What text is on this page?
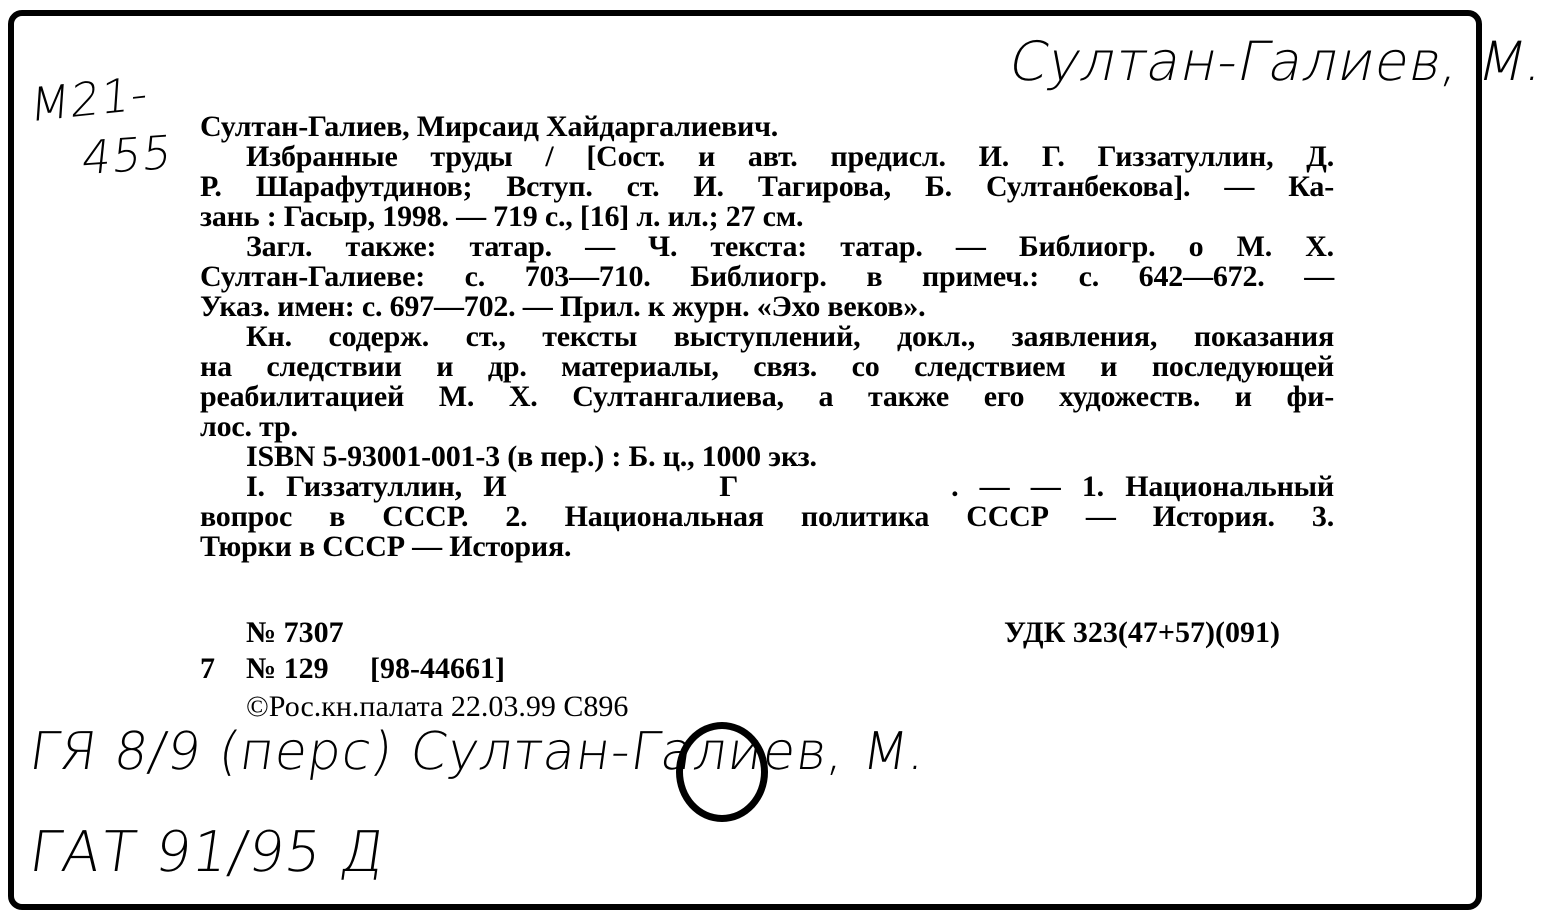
Султан-Галиев, М.
М21-
455
ГЯ 8/9 (перс) Султан-Галиев, М.
ГАТ 91/95 Д
Султан-Галиев, Мирсаид Хайдаргалиевич.
Избранные труды / [Сост. и авт. предисл. И. Г. Гиззатуллин, Д.
Р. Шарафутдинов; Вступ. ст. И. Тагирова, Б. Султанбекова]. — Ка-
зань : Гасыр, 1998. — 719 с., [16] л. ил.; 27 см.
Загл. также: татар. — Ч. текста: татар. — Библиогр. о М. Х.
Султан-Галиеве: с. 703—710. Библиогр. в примеч.: с. 642—672. —
Указ. имен: с. 697—702. — Прил. к журн. «Эхо веков».
Кн. содерж. ст., тексты выступлений, докл., заявления, показания
на следствии и др. материалы, связ. со следствием и последующей
реабилитацией М. Х. Султангалиева, а также его художеств. и фи-
лос. тр.
ISBN 5-93001-001-3 (в пер.) : Б. ц., 1000 экз.
I. Гиззатуллин, И          Г          . — — 1. Национальный
вопрос в СССР. 2. Национальная политика СССР — История. 3.
Тюрки в СССР — История.
№ 7307	УДК 323(47+57)(091)
7 № 129 [98-44661]
©Рос.кн.палата 22.03.99 С896
